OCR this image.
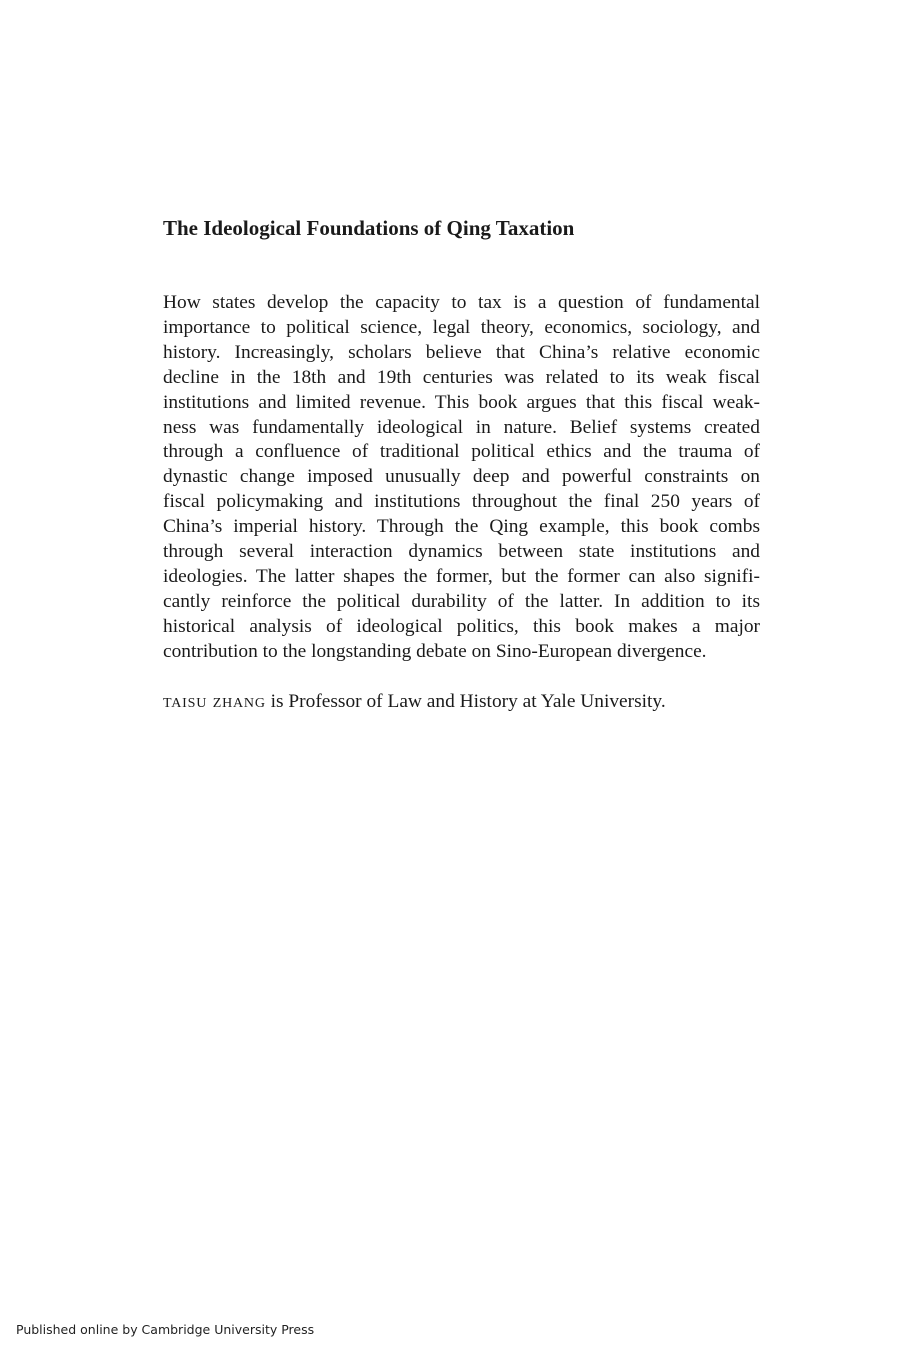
The Ideological Foundations of Qing Taxation
How states develop the capacity to tax is a question of fundamental
importance to political science, legal theory, economics, sociology, and
history. Increasingly, scholars believe that China’s relative economic
decline in the 18th and 19th centuries was related to its weak fiscal
institutions and limited revenue. This book argues that this fiscal weak-
ness was fundamentally ideological in nature. Belief systems created
through a confluence of traditional political ethics and the trauma of
dynastic change imposed unusually deep and powerful constraints on
fiscal policymaking and institutions throughout the final 250 years of
China’s imperial history. Through the Qing example, this book combs
through several interaction dynamics between state institutions and
ideologies. The latter shapes the former, but the former can also signifi-
cantly reinforce the political durability of the latter. In addition to its
historical analysis of ideological politics, this book makes a major
contribution to the longstanding debate on Sino-European divergence.

taisu zhang is Professor of Law and History at Yale University.

Published online by Cambridge University Press
